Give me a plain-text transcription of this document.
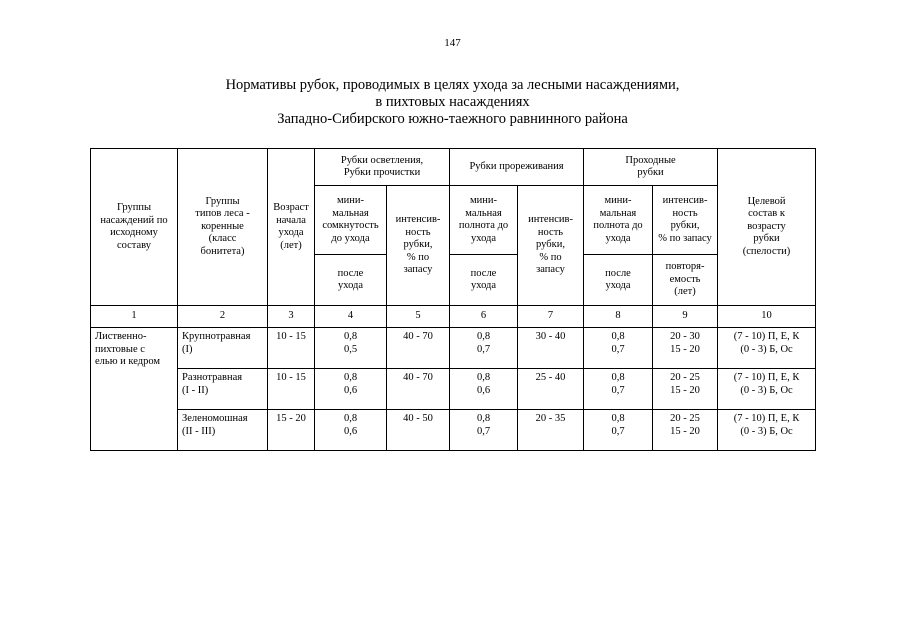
147
Нормативы рубок, проводимых в целях ухода за лесными насаждениями,
в пихтовых насаждениях
Западно-Сибирского южно-таежного равнинного района
Группы
насаждений по
исходному
составу	Группы
типов леса -
коренные
(класс
бонитета)	Возраст
начала
ухода
(лет)	Рубки осветления,
Рубки прочистки		Рубки прореживания		Проходные
рубки		Целевой
состав к
возрасту
рубки
(спелости)
			мини-
мальная
сомкнутость
до ухода	интенсив-
ность
рубки,
% по
запасу	мини-
мальная
полнота до
ухода	интенсив-
ность
рубки,
% по
запасу	мини-
мальная
полнота до
ухода	интенсив-
ность
рубки,
% по запасу	
			после
ухода		после
ухода		после
ухода	повторя-
емость
(лет)	
1	2	3	4	5	6	7	8	9	10
Лиственно-
пихтовые с
елью и кедром	Крупнотравная
(I)	10 - 15	0,8
0,5	40 - 70	0,8
0,7	30 - 40	0,8
0,7	20 - 30
15 - 20	(7 - 10) П, Е, К
(0 - 3) Б, Ос
	Разнотравная
(I - II)	10 - 15	0,8
0,6	40 - 70	0,8
0,6	25 - 40	0,8
0,7	20 - 25
15 - 20	(7 - 10) П, Е, К
(0 - 3) Б, Ос
	Зеленомошная
(II - III)	15 - 20	0,8
0,6	40 - 50	0,8
0,7	20 - 35	0,8
0,7	20 - 25
15 - 20	(7 - 10) П, Е, К
(0 - 3) Б, Ос
